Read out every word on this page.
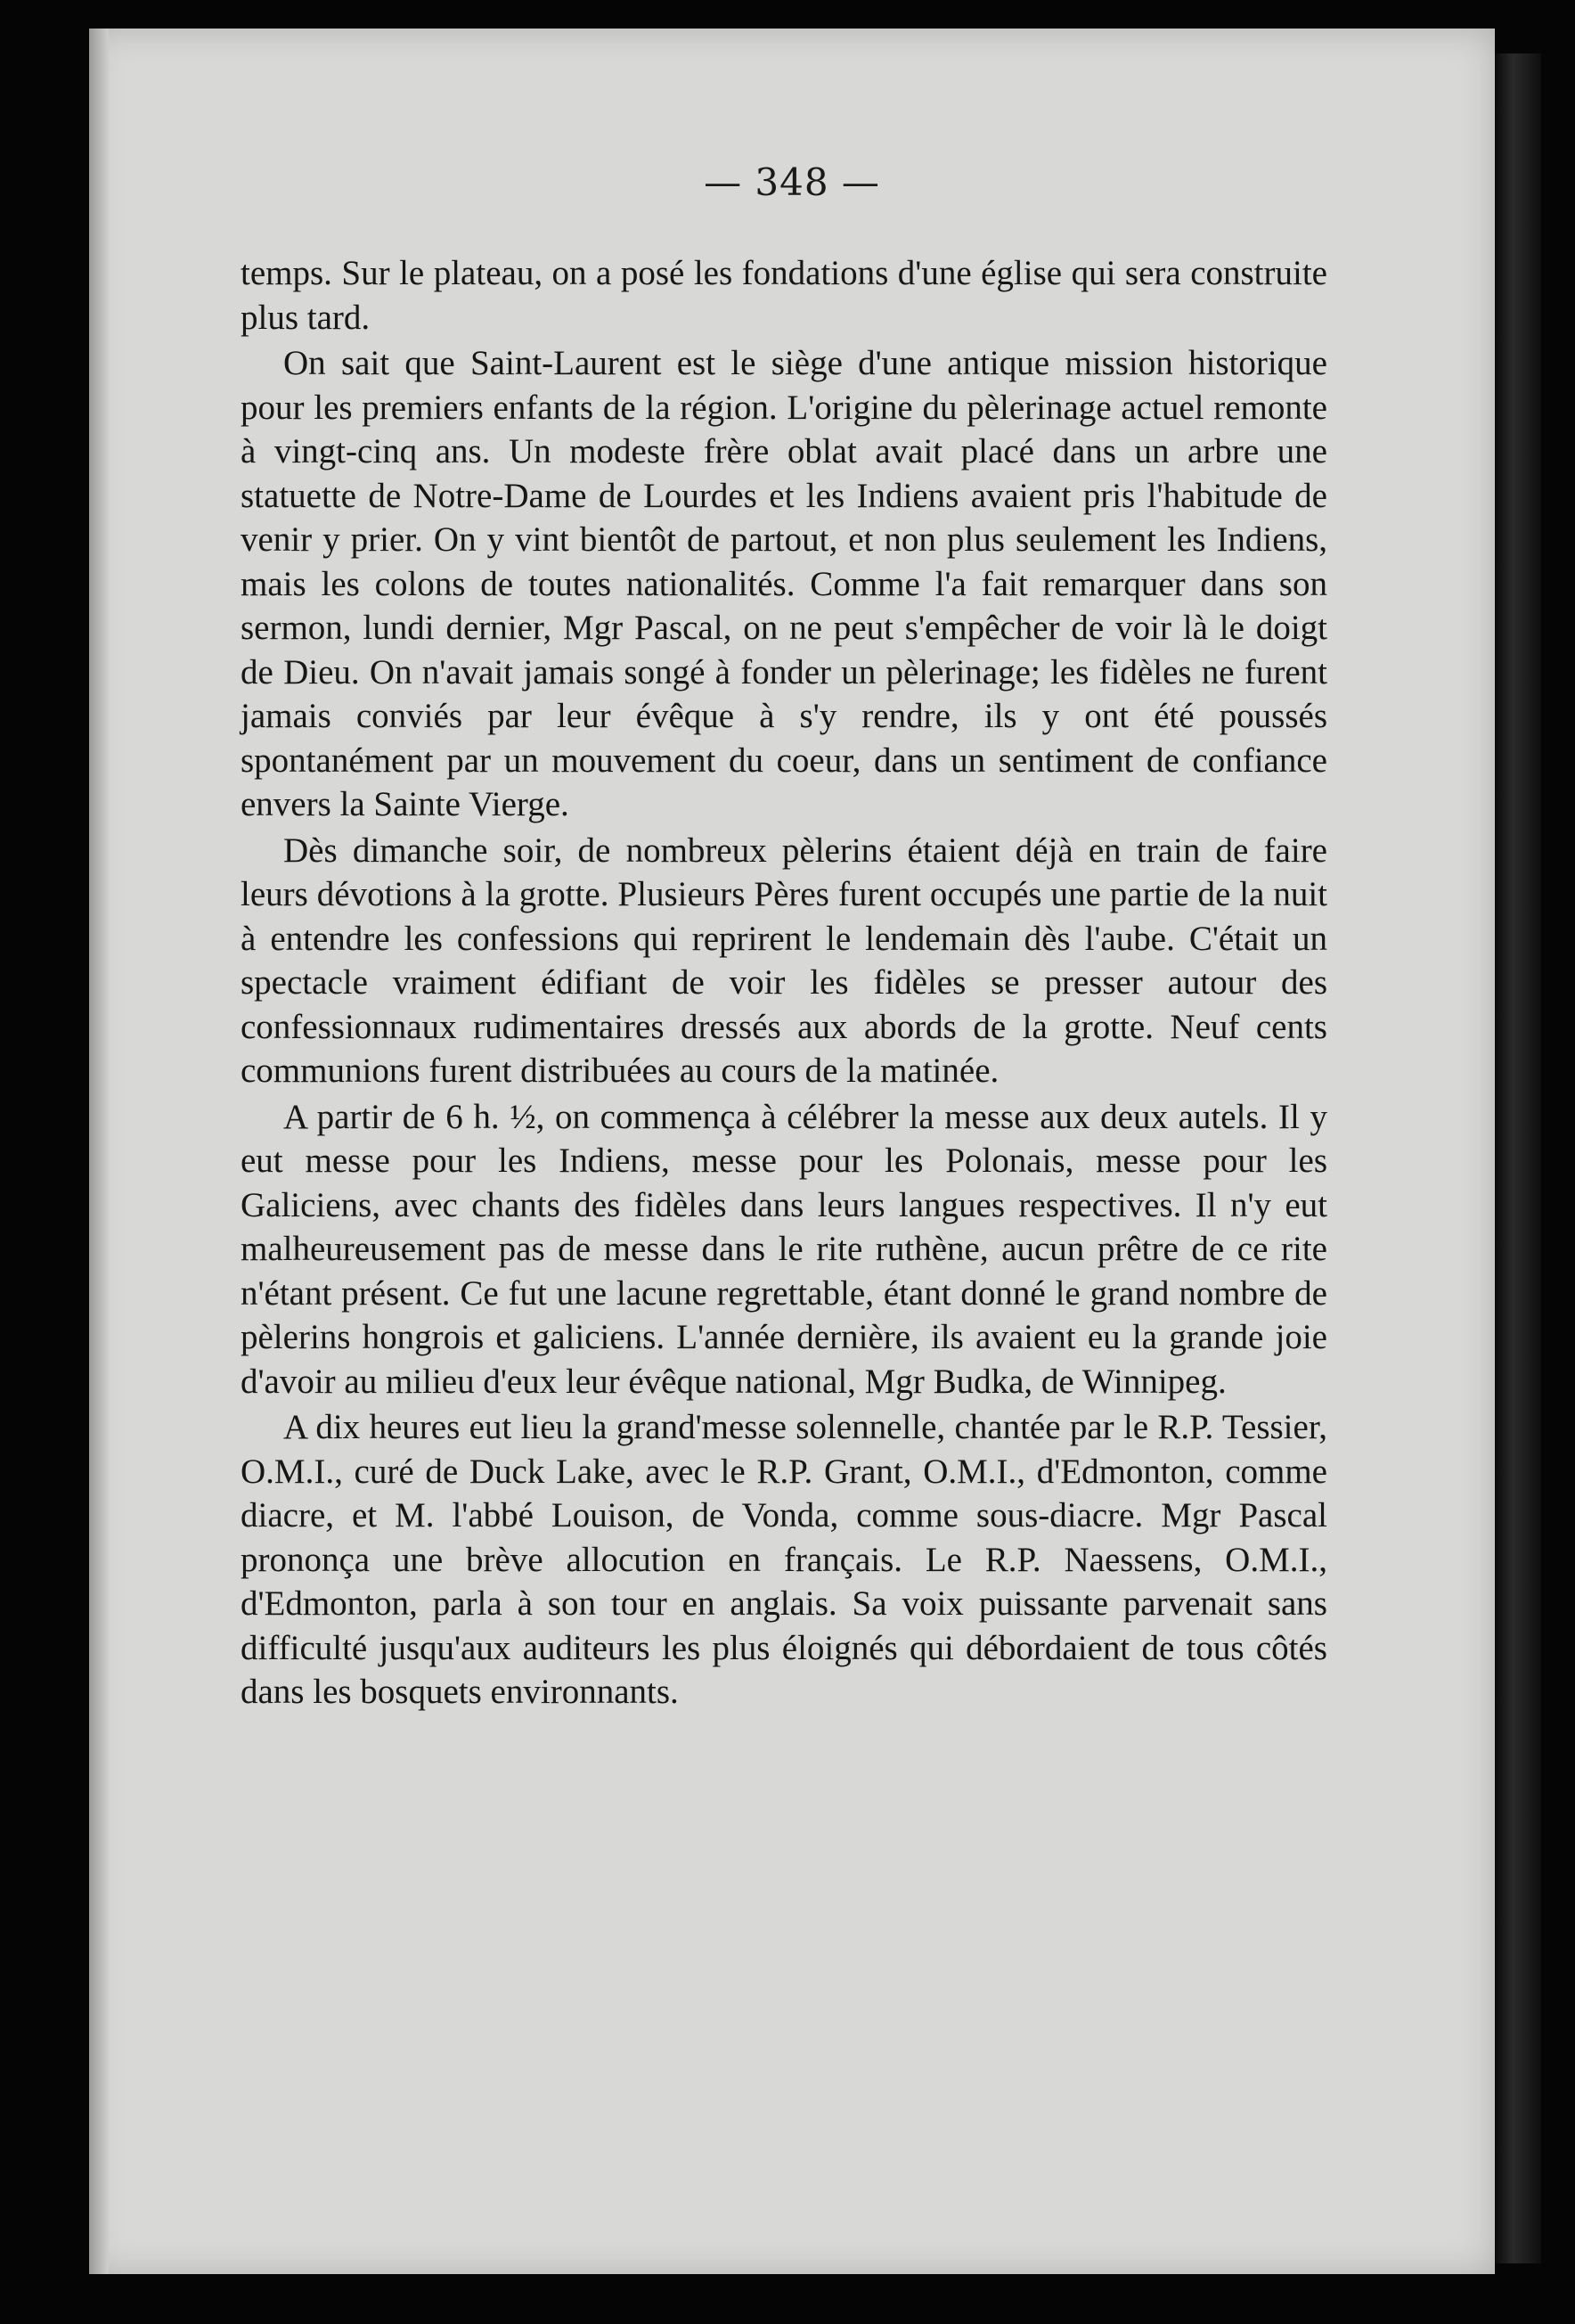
— 348 —

temps. Sur le plateau, on a posé les fondations d'une église qui sera construite plus tard.

On sait que Saint-Laurent est le siège d'une antique mission historique pour les premiers enfants de la région. L'origine du pèlerinage actuel remonte à vingt-cinq ans. Un modeste frère oblat avait placé dans un arbre une statuette de Notre-Dame de Lourdes et les Indiens avaient pris l'habitude de venir y prier. On y vint bientôt de partout, et non plus seulement les Indiens, mais les colons de toutes nationalités. Comme l'a fait remarquer dans son sermon, lundi dernier, Mgr Pascal, on ne peut s'empêcher de voir là le doigt de Dieu. On n'avait jamais songé à fonder un pèlerinage; les fidèles ne furent jamais conviés par leur évêque à s'y rendre, ils y ont été poussés spontanément par un mouvement du coeur, dans un sentiment de confiance envers la Sainte Vierge.

Dès dimanche soir, de nombreux pèlerins étaient déjà en train de faire leurs dévotions à la grotte. Plusieurs Pères furent occupés une partie de la nuit à entendre les confessions qui reprirent le lendemain dès l'aube. C'était un spectacle vraiment édifiant de voir les fidèles se presser autour des confessionnaux rudimentaires dressés aux abords de la grotte. Neuf cents communions furent distribuées au cours de la matinée.

A partir de 6 h. ½, on commença à célébrer la messe aux deux autels. Il y eut messe pour les Indiens, messe pour les Polonais, messe pour les Galiciens, avec chants des fidèles dans leurs langues respectives. Il n'y eut malheureusement pas de messe dans le rite ruthène, aucun prêtre de ce rite n'étant présent. Ce fut une lacune regrettable, étant donné le grand nombre de pèlerins hongrois et galiciens. L'année dernière, ils avaient eu la grande joie d'avoir au milieu d'eux leur évêque national, Mgr Budka, de Winnipeg.

A dix heures eut lieu la grand'messe solennelle, chantée par le R.P. Tessier, O.M.I., curé de Duck Lake, avec le R.P. Grant, O.M.I., d'Edmonton, comme diacre, et M. l'abbé Louison, de Vonda, comme sous-diacre. Mgr Pascal prononça une brève allocution en français. Le R.P. Naessens, O.M.I., d'Edmonton, parla à son tour en anglais. Sa voix puissante parvenait sans difficulté jusqu'aux auditeurs les plus éloignés qui débordaient de tous côtés dans les bosquets environnants.
